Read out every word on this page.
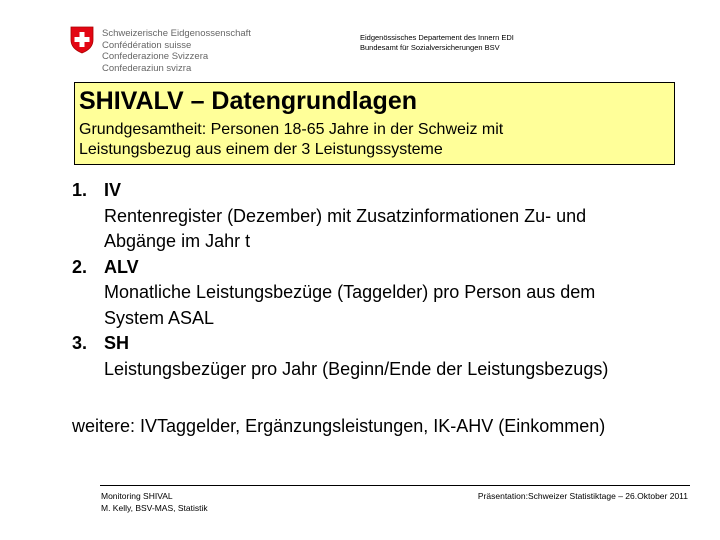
Schweizerische Eidgenossenschaft
Confédération suisse
Confederazione Svizzera
Confederaziun svizra
Eidgenössisches Departement des Innern EDI
Bundesamt für Sozialversicherungen BSV
SHIVALV – Datengrundlagen
Grundgesamtheit: Personen 18-65 Jahre in der Schweiz mit
Leistungsbezug aus einem der 3 Leistungssysteme
1. IV
Rentenregister (Dezember) mit Zusatzinformationen Zu- und
Abgänge im Jahr t
2. ALV
Monatliche Leistungsbezüge (Taggelder) pro Person aus dem
System ASAL
3. SH
Leistungsbezüger pro Jahr (Beginn/Ende der Leistungsbezugs)
weitere: IVTaggelder, Ergänzungsleistungen, IK-AHV (Einkommen)
Monitoring SHIVAL
M. Kelly, BSV-MAS, Statistik
Präsentation:Schweizer Statistiktage – 26.Oktober 2011
